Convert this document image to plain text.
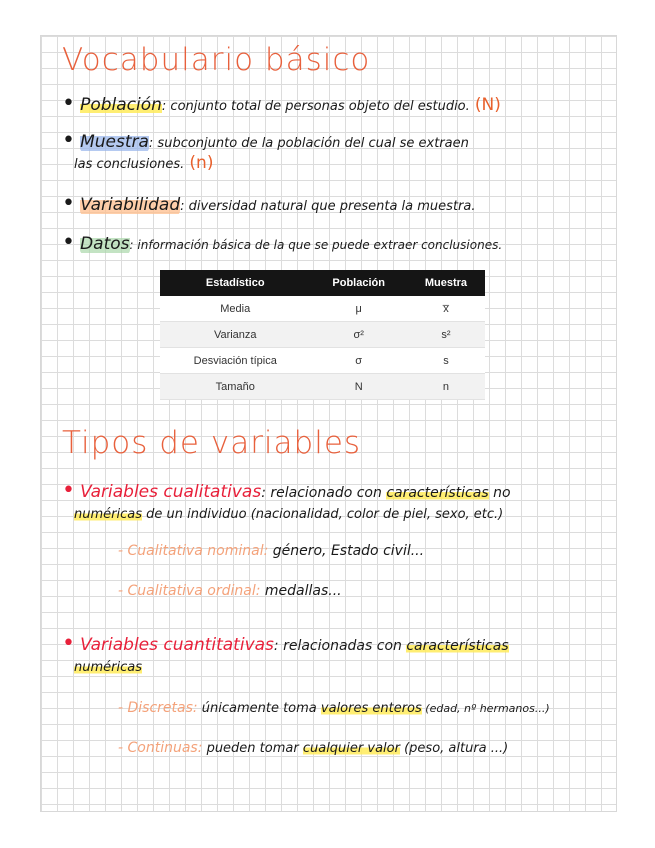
Vocabulario básico
• Población: conjunto total de personas objeto del estudio. (N)
• Muestra: subconjunto de la población del cual se extraen
las conclusiones. (n)
• Variabilidad: diversidad natural que presenta la muestra.
• Datos: información básica de la que se puede extraer conclusiones.
Estadístico	Población	Muestra
Media	μ	x̅
Varianza	σ²	s²
Desviación típica	σ	s
Tamaño	N	n
Tipos de variables
• Variables cualitativas: relacionado con características no
numéricas de un individuo (nacionalidad, color de piel, sexo, etc.)
- Cualitativa nominal: género, Estado civil...
- Cualitativa ordinal: medallas...
• Variables cuantitativas: relacionadas con características
numéricas
- Discretas: únicamente toma valores enteros (edad, nº hermanos...)
- Continuas: pueden tomar cualquier valor (peso, altura ...)
